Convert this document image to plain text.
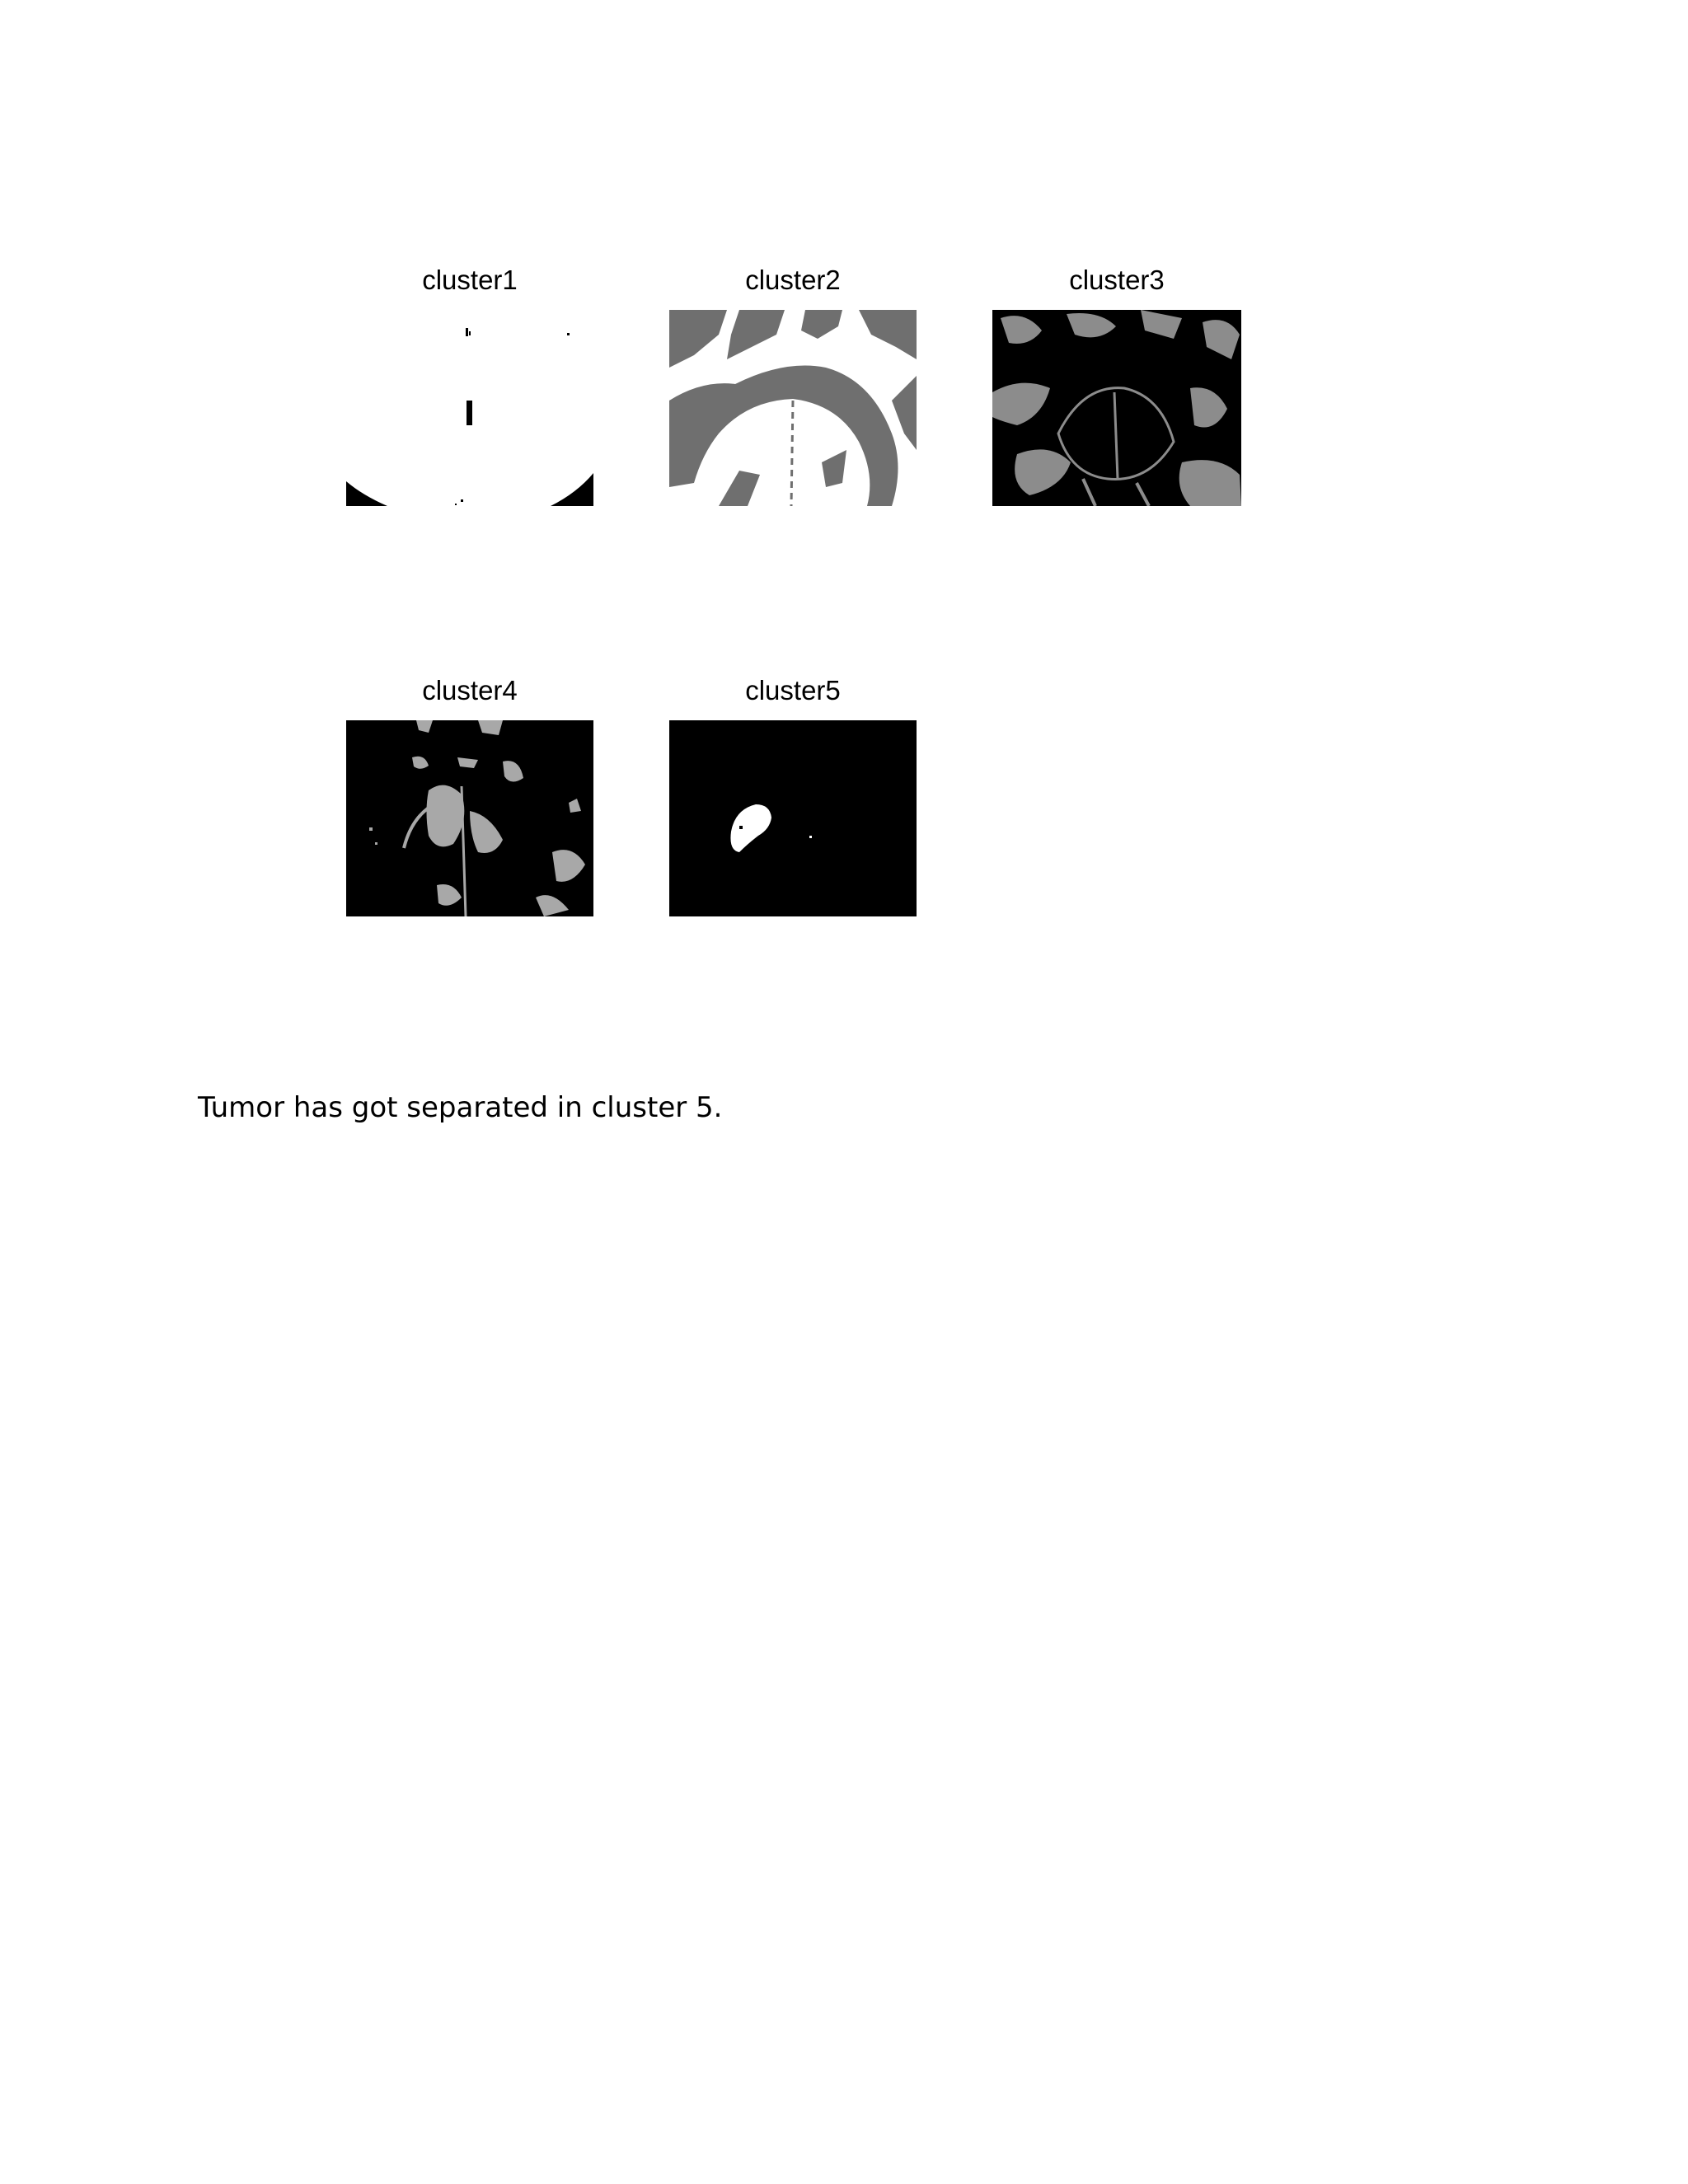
cluster1	cluster2	cluster3
cluster4	cluster5
Tumor has got separated in cluster 5.
